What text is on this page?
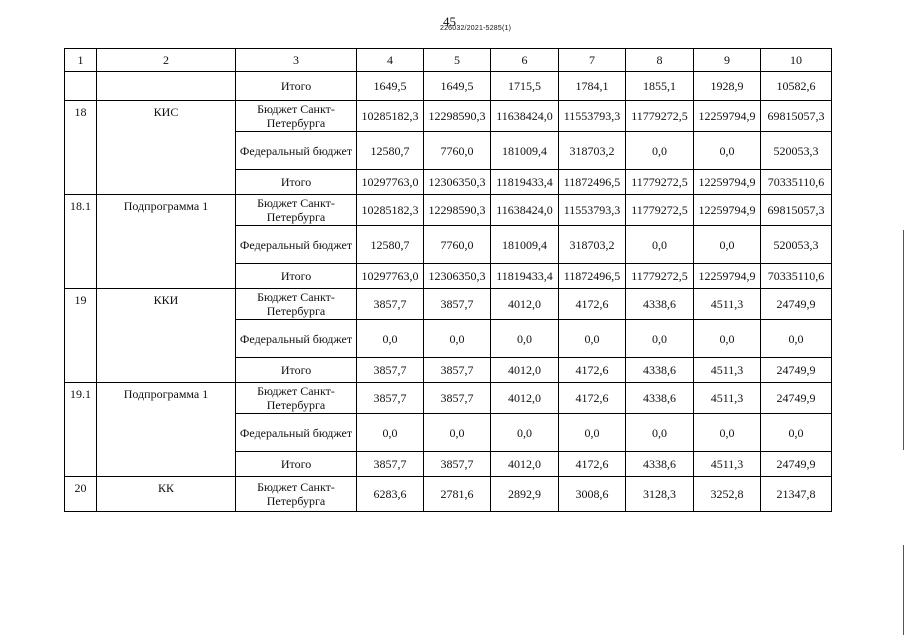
45
226032/2021-5285(1)
1	2	3	4	5	6	7	8	9	10
		Итого	1649,5	1649,5	1715,5	1784,1	1855,1	1928,9	10582,6
18	КИС	Бюджет Санкт-Петербурга	10285182,3	12298590,3	11638424,0	11553793,3	11779272,5	12259794,9	69815057,3
		Федеральный бюджет	12580,7	7760,0	181009,4	318703,2	0,0	0,0	520053,3
		Итого	10297763,0	12306350,3	11819433,4	11872496,5	11779272,5	12259794,9	70335110,6
18.1	Подпрограмма 1	Бюджет Санкт-Петербурга	10285182,3	12298590,3	11638424,0	11553793,3	11779272,5	12259794,9	69815057,3
		Федеральный бюджет	12580,7	7760,0	181009,4	318703,2	0,0	0,0	520053,3
		Итого	10297763,0	12306350,3	11819433,4	11872496,5	11779272,5	12259794,9	70335110,6
19	ККИ	Бюджет Санкт-Петербурга	3857,7	3857,7	4012,0	4172,6	4338,6	4511,3	24749,9
		Федеральный бюджет	0,0	0,0	0,0	0,0	0,0	0,0	0,0
		Итого	3857,7	3857,7	4012,0	4172,6	4338,6	4511,3	24749,9
19.1	Подпрограмма 1	Бюджет Санкт-Петербурга	3857,7	3857,7	4012,0	4172,6	4338,6	4511,3	24749,9
		Федеральный бюджет	0,0	0,0	0,0	0,0	0,0	0,0	0,0
		Итого	3857,7	3857,7	4012,0	4172,6	4338,6	4511,3	24749,9
20	КК	Бюджет Санкт-Петербурга	6283,6	2781,6	2892,9	3008,6	3128,3	3252,8	21347,8
